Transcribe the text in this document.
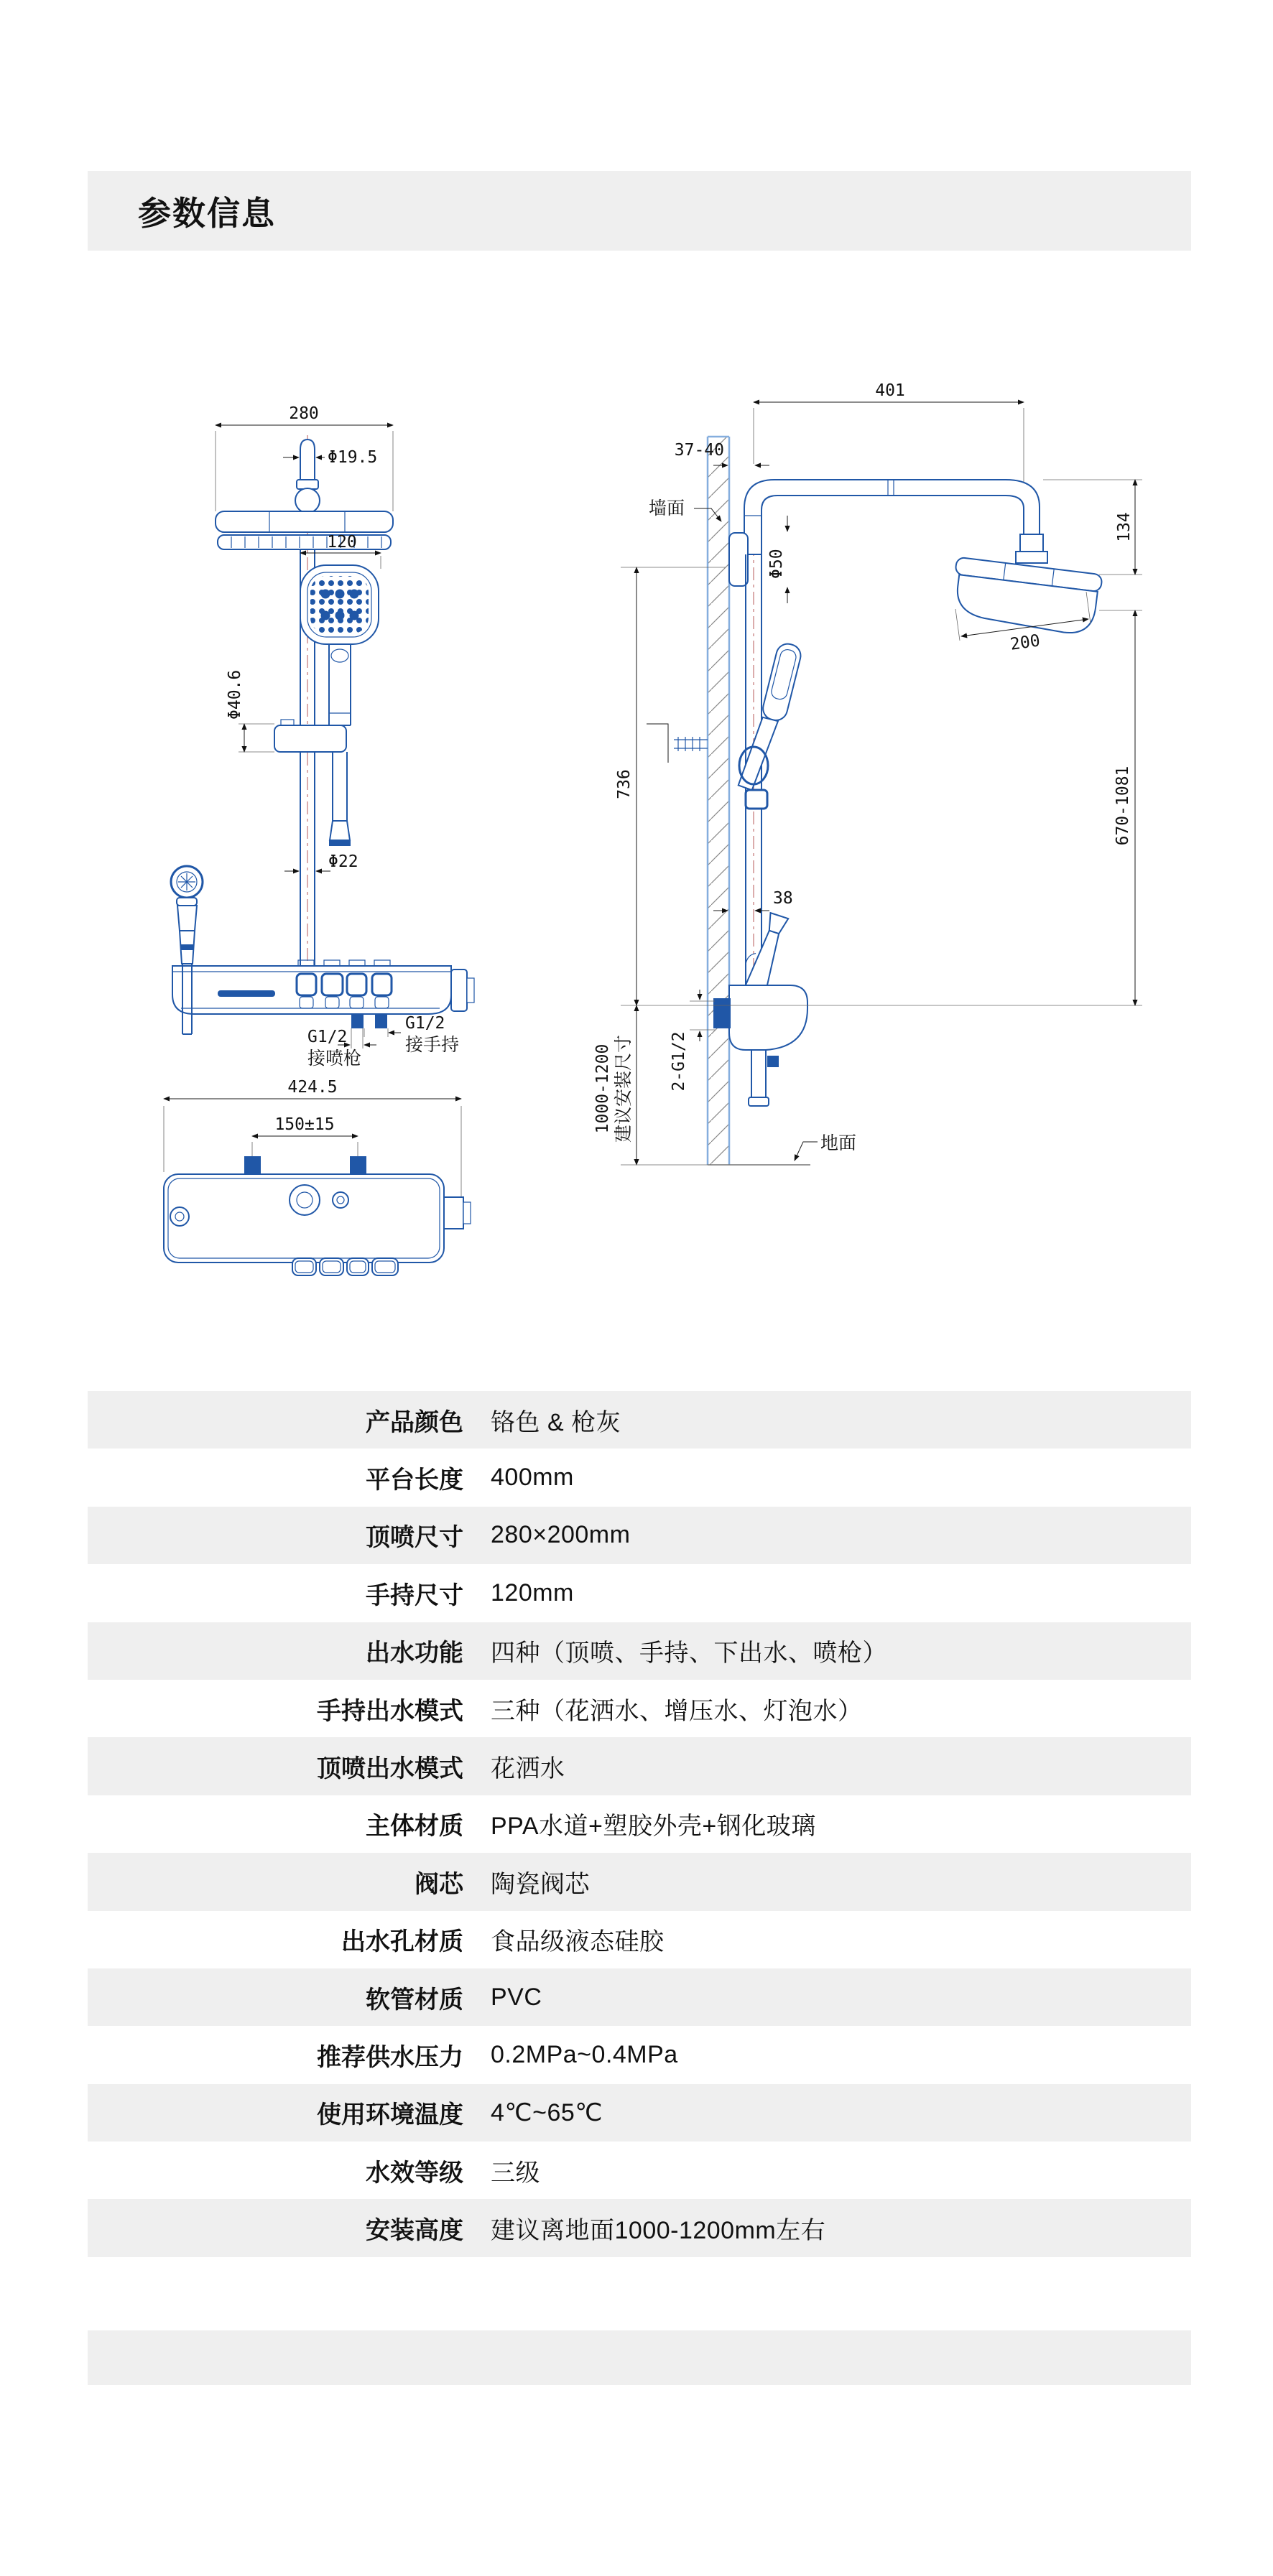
参数信息
280
Φ19.5
120
Φ40.6
Φ22
G1/2
接手持
G1/2
接喷枪
424.5
150±15
401
37-40
墙面
134
200
Φ50
38
2-G1/2
736	670-1081
1000-1200 建议安装尺寸
地面
产品颜色 铬色 & 枪灰
平台长度 400mm
顶喷尺寸 280×200mm
手持尺寸 120mm
出水功能 四种（顶喷、手持、下出水、喷枪）
手持出水模式 三种（花洒水、增压水、灯泡水）
顶喷出水模式 花洒水
主体材质 PPA水道+塑胶外壳+钢化玻璃
阀芯 陶瓷阀芯
出水孔材质 食品级液态硅胶
软管材质 PVC
推荐供水压力 0.2MPa~0.4MPa
使用环境温度 4℃~65℃
水效等级 三级
安装高度 建议离地面1000-1200mm左右
